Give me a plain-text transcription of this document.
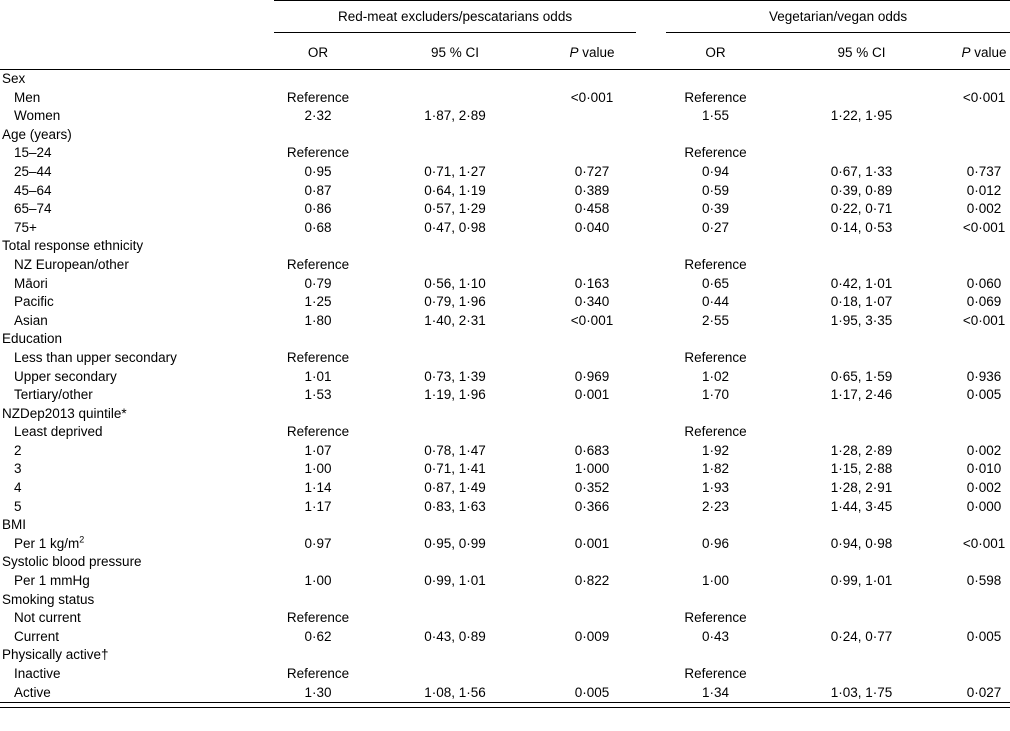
	Red-meat excluders/pescatarians odds				Vegetarian/vegan odds		
	OR	95 % CI	P value		OR	95 % CI	P value
Sex							
Men	Reference		<0·001		Reference		<0·001
Women	2·32	1·87, 2·89			1·55	1·22, 1·95	
Age (years)							
15–24	Reference				Reference		
25–44	0·95	0·71, 1·27	0·727		0·94	0·67, 1·33	0·737
45–64	0·87	0·64, 1·19	0·389		0·59	0·39, 0·89	0·012
65–74	0·86	0·57, 1·29	0·458		0·39	0·22, 0·71	0·002
75+	0·68	0·47, 0·98	0·040		0·27	0·14, 0·53	<0·001
Total response ethnicity							
NZ European/other	Reference				Reference		
Māori	0·79	0·56, 1·10	0·163		0·65	0·42, 1·01	0·060
Pacific	1·25	0·79, 1·96	0·340		0·44	0·18, 1·07	0·069
Asian	1·80	1·40, 2·31	<0·001		2·55	1·95, 3·35	<0·001
Education							
Less than upper secondary	Reference				Reference		
Upper secondary	1·01	0·73, 1·39	0·969		1·02	0·65, 1·59	0·936
Tertiary/other	1·53	1·19, 1·96	0·001		1·70	1·17, 2·46	0·005
NZDep2013 quintile*							
Least deprived	Reference				Reference		
2	1·07	0·78, 1·47	0·683		1·92	1·28, 2·89	0·002
3	1·00	0·71, 1·41	1·000		1·82	1·15, 2·88	0·010
4	1·14	0·87, 1·49	0·352		1·93	1·28, 2·91	0·002
5	1·17	0·83, 1·63	0·366		2·23	1·44, 3·45	0·000
BMI							
Per 1 $kg/m^2$	0·97	0·95, 0·99	0·001		0·96	0·94, 0·98	<0·001
Systolic blood pressure							
Per 1 mmHg	1·00	0·99, 1·01	0·822		1·00	0·99, 1·01	0·598
Smoking status							
Not current	Reference				Reference		
Current	0·62	0·43, 0·89	0·009		0·43	0·24, 0·77	0·005
Physically active†							
Inactive	Reference				Reference		
Active	1·30	1·08, 1·56	0·005		1·34	1·03, 1·75	0·027
